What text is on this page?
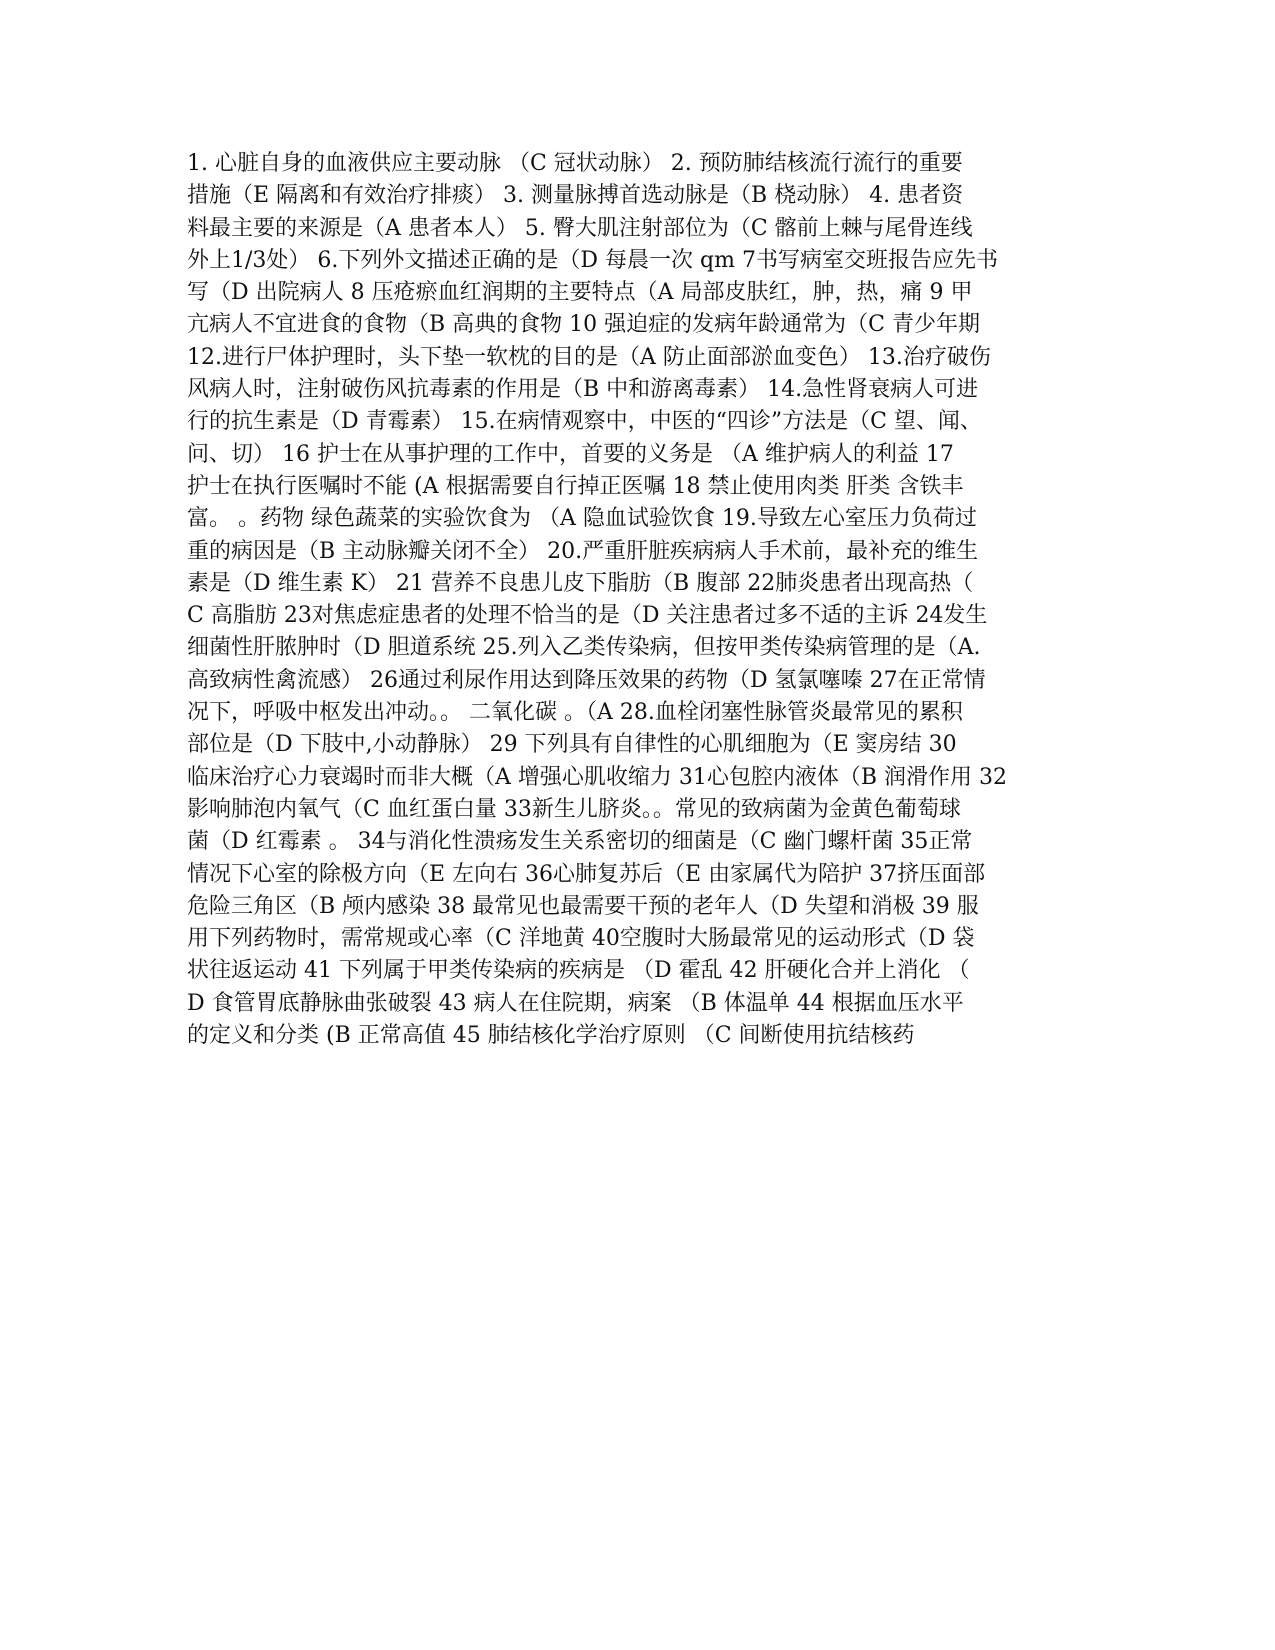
1. 心脏自身的血液供应主要动脉 （C 冠状动脉） 2. 预防肺结核流行流行的重要
措施（E 隔离和有效治疗排痰） 3. 测量脉搏首选动脉是（B 桡动脉） 4. 患者资
料最主要的来源是（A 患者本人） 5. 臀大肌注射部位为（C 髂前上棘与尾骨连线
外上1/3处） 6.下列外文描述正确的是（D 每晨一次 qm 7书写病室交班报告应先书
写（D 出院病人 8 压疮瘀血红润期的主要特点（A 局部皮肤红，肿，热，痛 9 甲
亢病人不宜进食的食物（B 高典的食物 10 强迫症的发病年龄通常为（C 青少年期
12.进行尸体护理时，头下垫一软枕的目的是（A 防止面部淤血变色） 13.治疗破伤
风病人时，注射破伤风抗毒素的作用是（B 中和游离毒素） 14.急性肾衰病人可进
行的抗生素是（D 青霉素） 15.在病情观察中，中医的“四诊”方法是（C 望、闻、
问、切） 16 护士在从事护理的工作中，首要的义务是 （A 维护病人的利益 17
护士在执行医嘱时不能 (A 根据需要自行掉正医嘱 18 禁止使用肉类 肝类 含铁丰
富。 。药物 绿色蔬菜的实验饮食为 （A 隐血试验饮食 19.导致左心室压力负荷过
重的病因是（B 主动脉瓣关闭不全） 20.严重肝脏疾病病人手术前，最补充的维生
素是（D 维生素 K） 21 营养不良患儿皮下脂肪（B 腹部 22肺炎患者出现高热（
C 高脂肪 23对焦虑症患者的处理不恰当的是（D 关注患者过多不适的主诉 24发生
细菌性肝脓肿时（D 胆道系统 25.列入乙类传染病，但按甲类传染病管理的是（A.
高致病性禽流感） 26通过利尿作用达到降压效果的药物（D 氢氯噻嗪 27在正常情
况下，呼吸中枢发出冲动。。 二氧化碳 。（A 28.血栓闭塞性脉管炎最常见的累积
部位是（D 下肢中,小动静脉） 29 下列具有自律性的心肌细胞为（E 窦房结 30
临床治疗心力衰竭时而非大概（A 增强心肌收缩力 31心包腔内液体（B 润滑作用 32
影响肺泡内氧气（C 血红蛋白量 33新生儿脐炎。。常见的致病菌为金黄色葡萄球
菌（D 红霉素 。 34与消化性溃疡发生关系密切的细菌是（C 幽门螺杆菌 35正常
情况下心室的除极方向（E 左向右 36心肺复苏后（E 由家属代为陪护 37挤压面部
危险三角区（B 颅内感染 38 最常见也最需要干预的老年人（D 失望和消极 39 服
用下列药物时，需常规或心率（C 洋地黄 40空腹时大肠最常见的运动形式（D 袋
状往返运动 41 下列属于甲类传染病的疾病是 （D 霍乱 42 肝硬化合并上消化 （
D 食管胃底静脉曲张破裂 43 病人在住院期，病案 （B 体温单 44 根据血压水平
的定义和分类 (B 正常高值 45 肺结核化学治疗原则 （C 间断使用抗结核药
